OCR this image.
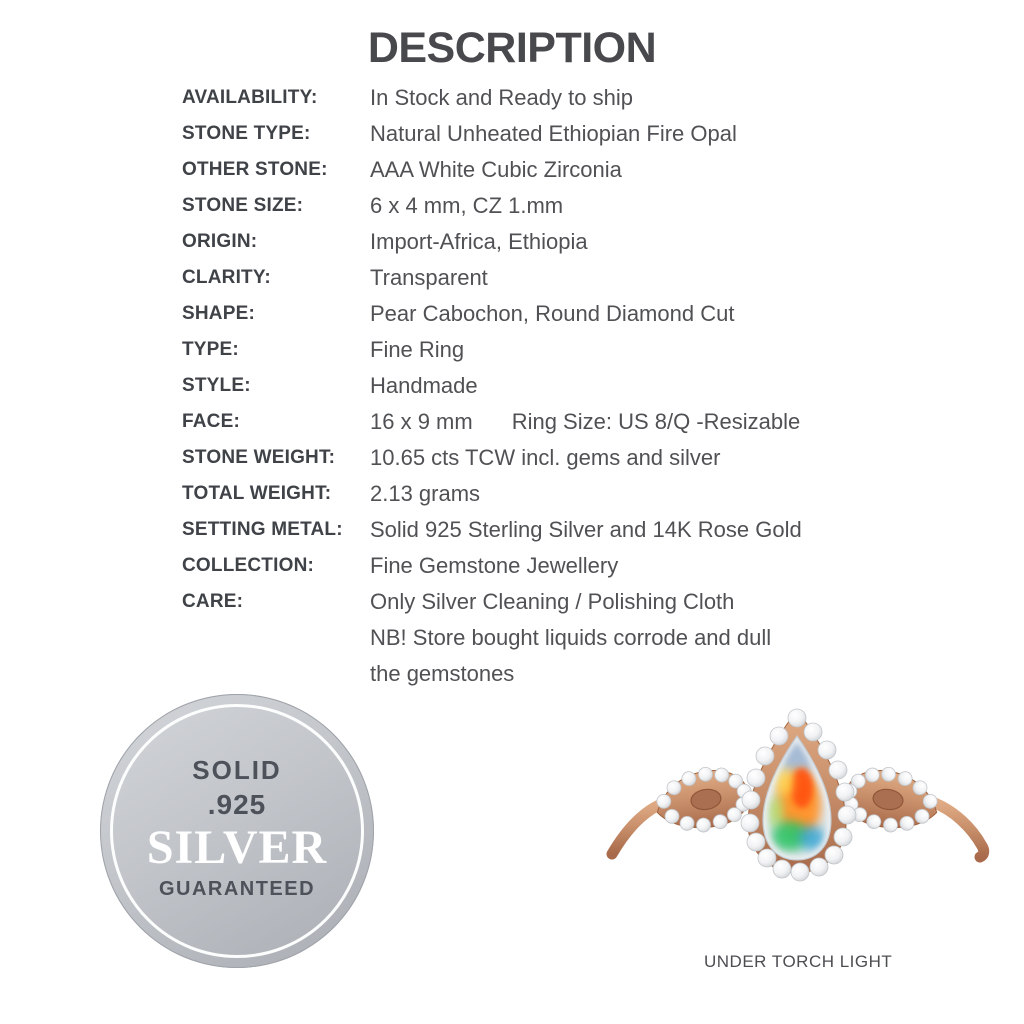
DESCRIPTION
AVAILABILITY:	In Stock and Ready to ship
STONE TYPE:	Natural Unheated Ethiopian Fire Opal
OTHER STONE:	AAA White Cubic Zirconia
STONE SIZE:	6 x 4 mm, CZ 1.mm
ORIGIN:	Import-Africa, Ethiopia
CLARITY:	Transparent
SHAPE:	Pear Cabochon, Round Diamond Cut
TYPE:	Fine Ring
STYLE:	Handmade
FACE:	16 x 9 mm Ring Size: US 8/Q -Resizable
STONE WEIGHT:	10.65 cts TCW incl. gems and silver
TOTAL WEIGHT:	2.13 grams
SETTING METAL:	Solid 925 Sterling Silver and 14K Rose Gold
COLLECTION:	Fine Gemstone Jewellery
CARE:	Only Silver Cleaning / Polishing Cloth
NB! Store bought liquids corrode and dull
the gemstones
SOLID
.925
SILVER
GUARANTEED
UNDER TORCH LIGHT
